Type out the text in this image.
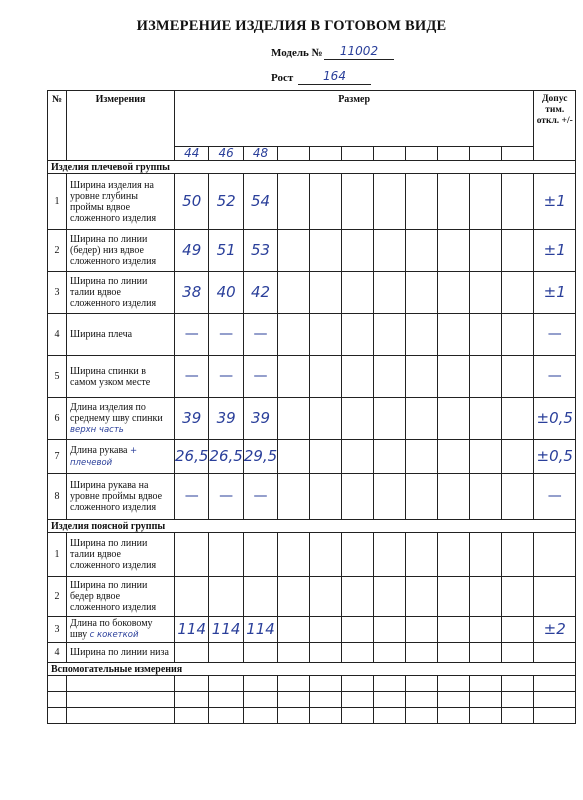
ИЗМЕРЕНИЕ ИЗДЕЛИЯ В ГОТОВОМ ВИДЕ
Модель №	11002
Рост	164
№	Измерения	Размер											Допус тим. откл. +/-
		44	46	48									
Изделия плечевой группы													
1	Ширина изделия на уровне глубины проймы вдвое сложенного изделия	50	52	54									±1
2	Ширина по линии (бедер) низ вдвое сложенного изделия	49	51	53									±1
3	Ширина по линии талии вдвое сложенного изделия	38	40	42									±1
4	Ширина плеча	—	—	—									—
5	Ширина спинки в самом узком месте	—	—	—									—
6	Длина изделия по среднему шву спинки верхн часть	39	39	39									±0,5
7	Длина рукава + плечевой	26,5	26,5	29,5									±0,5
8	Ширина рукава на уровне проймы вдвое сложенного изделия	—	—	—									—
Изделия поясной группы													
1	Ширина по линии талии вдвое сложенного изделия												
2	Ширина по линии бедер вдвое сложенного изделия												
3	Длина по боковому шву с кокеткой	114	114	114									±2
4	Ширина по линии низа												
Вспомогательные измерения													
